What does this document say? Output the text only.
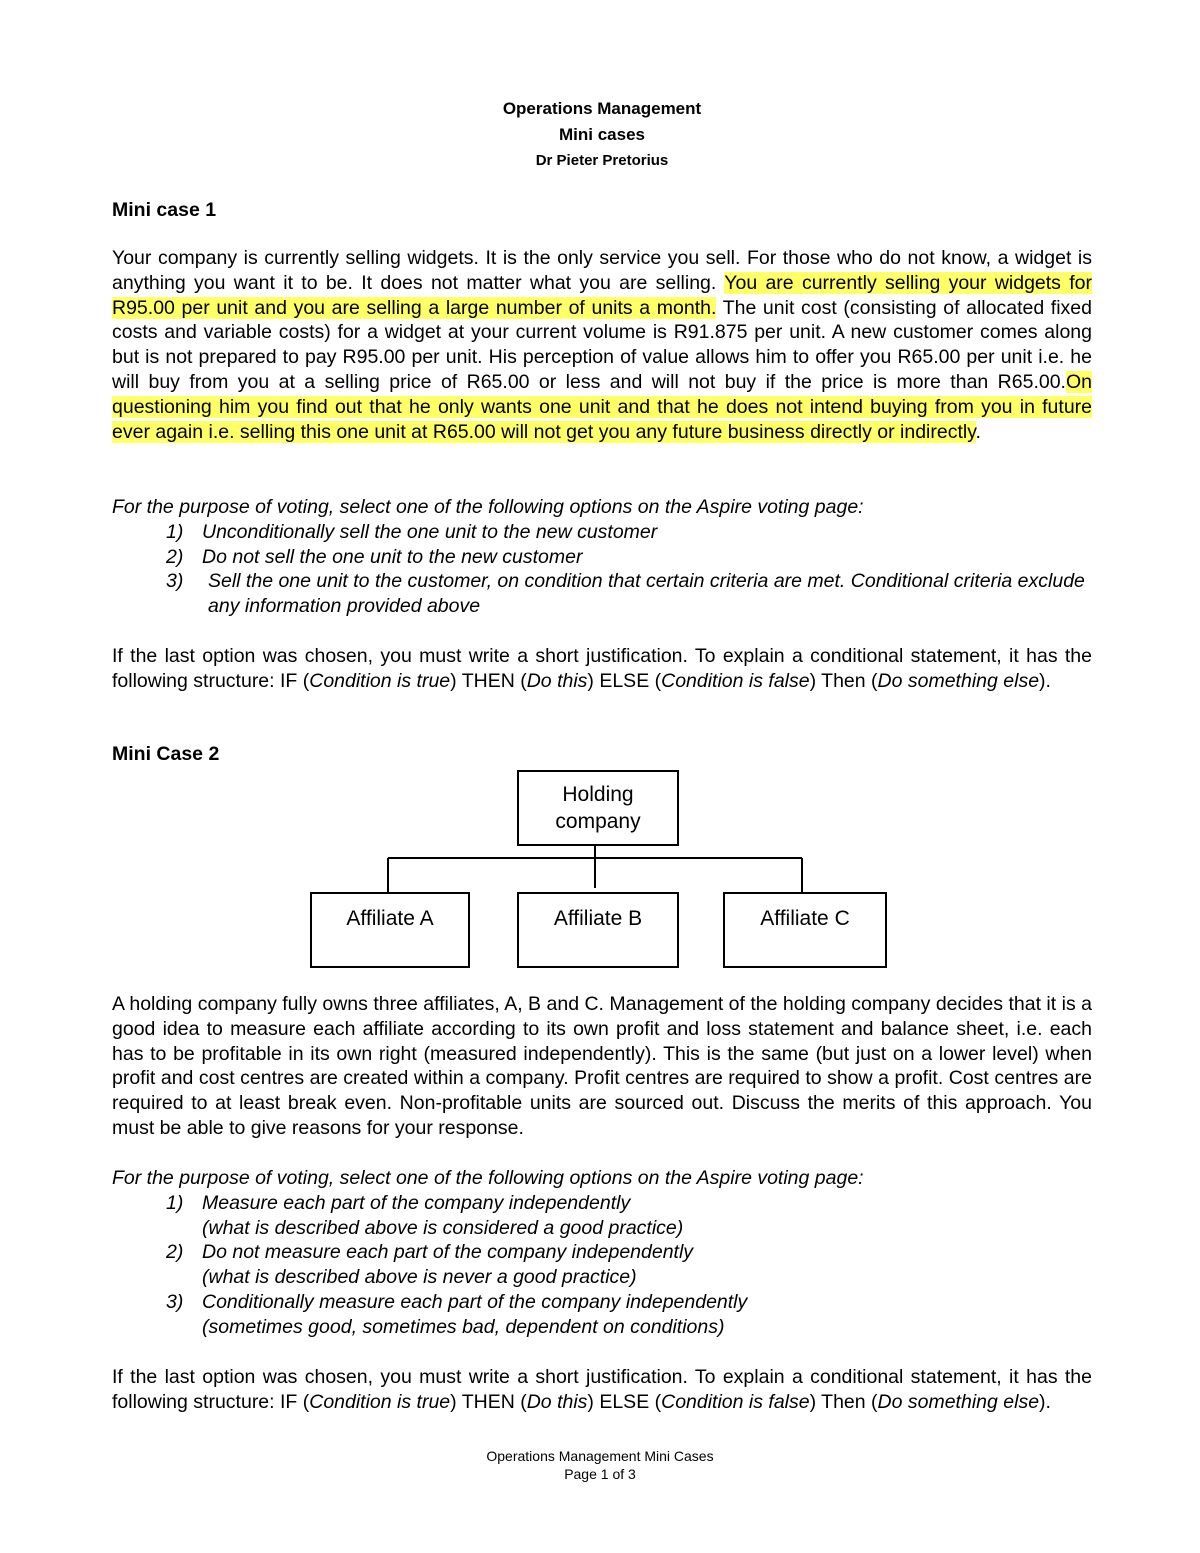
Operations Management
Mini cases
Dr Pieter Pretorius
Mini case 1
Your company is currently selling widgets. It is the only service you sell. For those who do not know, a widget is anything you want it to be. It does not matter what you are selling. You are currently selling your widgets for R95.00 per unit and you are selling a large number of units a month. The unit cost (consisting of allocated fixed costs and variable costs) for a widget at your current volume is R91.875 per unit. A new customer comes along but is not prepared to pay R95.00 per unit. His perception of value allows him to offer you R65.00 per unit i.e. he will buy from you at a selling price of R65.00 or less and will not buy if the price is more than R65.00.On questioning him you find out that he only wants one unit and that he does not intend buying from you in future ever again i.e. selling this one unit at R65.00 will not get you any future business directly or indirectly.
For the purpose of voting, select one of the following options on the Aspire voting page:
1) Unconditionally sell the one unit to the new customer
2) Do not sell the one unit to the new customer
3) Sell the one unit to the customer, on condition that certain criteria are met. Conditional criteria exclude any information provided above
If the last option was chosen, you must write a short justification. To explain a conditional statement, it has the following structure: IF (Condition is true) THEN (Do this) ELSE (Condition is false) Then (Do something else).
Mini Case 2
Holding company
Affiliate A	Affiliate B	Affiliate C
A holding company fully owns three affiliates, A, B and C. Management of the holding company decides that it is a good idea to measure each affiliate according to its own profit and loss statement and balance sheet, i.e. each has to be profitable in its own right (measured independently). This is the same (but just on a lower level) when profit and cost centres are created within a company. Profit centres are required to show a profit. Cost centres are required to at least break even. Non-profitable units are sourced out. Discuss the merits of this approach. You must be able to give reasons for your response.
For the purpose of voting, select one of the following options on the Aspire voting page:
1) Measure each part of the company independently
(what is described above is considered a good practice)
2) Do not measure each part of the company independently
(what is described above is never a good practice)
3) Conditionally measure each part of the company independently
(sometimes good, sometimes bad, dependent on conditions)
If the last option was chosen, you must write a short justification. To explain a conditional statement, it has the following structure: IF (Condition is true) THEN (Do this) ELSE (Condition is false) Then (Do something else).
Operations Management Mini Cases
Page 1 of 3
